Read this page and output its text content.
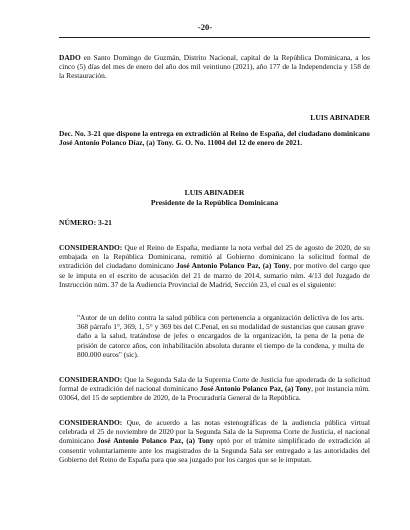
-20-
DADO en Santo Domingo de Guzmán, Distrito Nacional, capital de la República Dominicana, a los cinco (5) días del mes de enero del año dos mil veintiuno (2021), año 177 de la Independencia y 158 de la Restauración.
LUIS ABINADER
Dec. No. 3-21 que dispone la entrega en extradición al Reino de España, del ciudadano dominicano José Antonio Polanco Díaz, (a) Tony. G. O. No. 11004 del 12 de enero de 2021.
LUIS ABINADER
Presidente de la República Dominicana
NÚMERO: 3-21
CONSIDERANDO: Que el Reino de España, mediante la nota verbal del 25 de agosto de 2020, de su embajada en la República Dominicana, remitió al Gobierno dominicano la solicitud formal de extradición del ciudadano dominicano José Antonio Polanco Paz, (a) Tony, por motivo del cargo que se le imputa en el escrito de acusación del 21 de marzo de 2014, sumario núm. 4/13 del Juzgado de Instrucción núm. 37 de la Audiencia Provincial de Madrid, Sección 23, el cual es el siguiente:
"Autor de un delito contra la salud pública con pertenencia a organización delictiva de los arts. 368 párrafo 1°, 369, 1, 5° y 369 bis del C.Penal, en su modalidad de sustancias que causan grave daño a la salud, tratándose de jefes o encargados de la organización, la pena de la pena de prisión de catorce años, con inhabilitación absoluta durante el tiempo de la condena, y multa de 800.000 euros" (sic).
CONSIDERANDO: Que la Segunda Sala de la Suprema Corte de Justicia fue apoderada de la solicitud formal de extradición del nacional dominicano José Antonio Polanco Paz, (a) Tony, por instancia núm. 03064, del 15 de septiembre de 2020, de la Procuraduría General de la República.
CONSIDERANDO: Que, de acuerdo a las notas estenográficas de la audiencia pública virtual celebrada el 25 de noviembre de 2020 por la Segunda Sala de la Suprema Corte de Justicia, el nacional dominicano José Antonio Polanco Paz, (a) Tony optó por el trámite simplificado de extradición al consentir voluntariamente ante los magistrados de la Segunda Sala ser entregado a las autoridades del Gobierno del Reino de España para que sea juzgado por los cargos que se le imputan.
